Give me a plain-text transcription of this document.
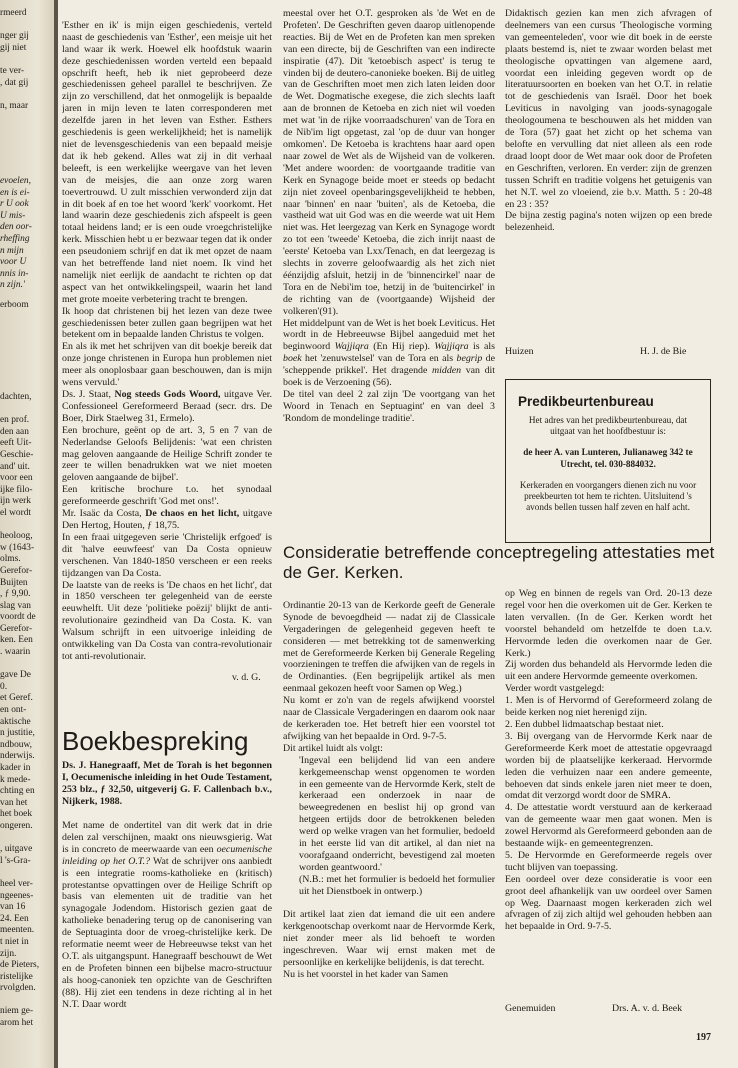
rmeerd

nger gij
gij niet

te ver-
, dat gij

n, maar
evoelen,
en is ei-
r U ook
U mis-
den oor-
rheffing
n mijn
voor U
nnis in-
n zijn.'
erboom
dachten,

en prof.
den aan
eeft Uit-
Geschie-
and' uit.
voor een
ijke filo-
ijn werk
el wordt

heoloog,
w (1643-
olms.
Gerefor-
Buijten
, ƒ 9,90.
slag van
voordt de
Gerefor-
ken. Een
. waarin

gave De
0.
et Geref.
en ont-
aktische
n justitie,
ndbouw,
nderwijs.
kader in
k mede-
chting en
van het
het boek
ongeren.

, uitgave
l 's-Gra-

heel ver-
ngeenes-
van 16
24. Een
meenten.
t niet in
zijn.
de Pieters,
ristelijke
rvolgden.

niem ge-
arom het

'Esther en ik' is mijn eigen geschiedenis, verteld naast de geschiedenis van 'Esther', een meisje uit het land waar ik werk. Hoewel elk hoofdstuk waarin deze geschiedenissen worden verteld een bepaald opschrift heeft, heb ik niet geprobeerd deze geschiedenissen geheel parallel te beschrijven. Ze zijn zo verschillend, dat het onmogelijk is bepaalde jaren in mijn leven te laten corresponderen met dezelfde jaren in het leven van Esther. Esthers geschiedenis is geen werkelijkheid; het is namelijk niet de levensgeschiedenis van een bepaald meisje dat ik heb gekend. Alles wat zij in dit verhaal beleeft, is een werkelijke weergave van het leven van de meisjes, die aan onze zorg waren toevertrouwd. U zult misschien verwonderd zijn dat in dit boek af en toe het woord 'kerk' voorkomt. Het land waarin deze geschiedenis zich afspeelt is geen totaal heidens land; er is een oude vroegchristelijke kerk. Misschien hebt u er bezwaar tegen dat ik onder een pseudoniem schrijf en dat ik met opzet de naam van het betreffende land niet noem. Ik vind het namelijk niet eerlijk de aandacht te richten op dat aspect van het ontwikkelingspeil, waarin het land met grote moeite verbetering tracht te brengen.
Ik hoop dat christenen bij het lezen van deze twee geschiedenissen beter zullen gaan begrijpen wat het betekent om in bepaalde landen Christus te volgen.
En als ik met het schrijven van dit boekje bereik dat onze jonge christenen in Europa hun problemen niet meer als onoplosbaar gaan beschouwen, dan is mijn wens vervuld.'
Ds. J. Staat, Nog steeds Gods Woord, uitgave Ver. Confessioneel Gereformeerd Beraad (secr. drs. De Boer, Dirk Staelweg 31, Ermelo).
Een brochure, geënt op de art. 3, 5 en 7 van de Nederlandse Geloofs Belijdenis: 'wat een christen mag geloven aangaande de Heilige Schrift zonder te zeer te willen benadrukken wat we niet moeten geloven aangaande de bijbel'.
Een kritische brochure t.o. het synodaal gereformeerde geschrift 'God met ons!'.
Mr. Isaäc da Costa, De chaos en het licht, uitgave Den Hertog, Houten, ƒ 18,75.
In een fraai uitgegeven serie 'Christelijk erfgoed' is dit 'halve eeuwfeest' van Da Costa opnieuw verschenen. Van 1840-1850 verscheen er een reeks tijdzangen van Da Costa.
De laatste van de reeks is 'De chaos en het licht', dat in 1850 verscheen ter gelegenheid van de eerste eeuwhelft. Uit deze 'politieke poëzij' blijkt de anti-revolutionaire gezindheid van Da Costa. K. van Walsum schrijft in een uitvoerige inleiding de ontwikkeling van Da Costa van contra-revolutionair tot anti-revolutionair.

v. d. G.
Boekbespreking
Ds. J. Hanegraaff, Met de Torah is het begonnen I, Oecumenische inleiding in het Oude Testament, 253 blz., ƒ 32,50, uitgeverij G. F. Callenbach b.v., Nijkerk, 1988.
Met name de ondertitel van dit werk dat in drie delen zal verschijnen, maakt ons nieuwsgierig. Wat is in concreto de meerwaarde van een oecumenische inleiding op het O.T.? Wat de schrijver ons aanbiedt is een integratie rooms-katholieke en (kritisch) protestantse opvattingen over de Heilige Schrift op basis van elementen uit de traditie van het synagogale Jodendom. Historisch gezien gaat de katholieke benadering terug op de canonisering van de Septuaginta door de vroeg-christelijke kerk. De reformatie neemt weer de Hebreeuwse tekst van het O.T. als uitgangspunt. Hanegraaff beschouwt de Wet en de Profeten binnen een bijbelse macro-structuur als hoog-canoniek ten opzichte van de Geschriften (88). Hij ziet een tendens in deze richting al in het N.T. Daar wordt
meestal over het O.T. gesproken als 'de Wet en de Profeten'. De Geschriften geven daarop uitlenopende reacties. Bij de Wet en de Profeten kan men spreken van een directe, bij de Geschriften van een indirecte inspiratie (47). Dit 'ketoebisch aspect' is terug te vinden bij de deutero-canonieke boeken. Bij de uitleg van de Geschriften moet men zich laten leiden door de Wet. Dogmatische exegese, die zich slechts laaft aan de bronnen de Ketoeba en zich niet wil voeden met wat 'in de rijke voorraadschuren' van de Tora en de Nib'im ligt opgetast, zal 'op de duur van honger omkomen'. De Ketoeba is krachtens haar aard open naar zowel de Wet als de Wijsheid van de volkeren. 'Met andere woorden: de voortgaande traditie van Kerk en Synagoge beide moet er steeds op bedacht zijn niet zoveel openbaringsgevelijkheid te hebben, naar 'binnen' en naar 'buiten', als de Ketoeba, die vastheid wat uit God was en die weerde wat uit Hem niet was. Het leergezag van Kerk en Synagoge wordt zo tot een 'tweede' Ketoeba, die zich inrijt naast de 'eerste' Ketoeba van Lxx/Tenach, en dat leergezag is slechts in zoverre geloofwaardig als het zich niet éénzijdig afsluit, hetzij in de 'binnencirkel' naar de Tora en de Nebi'im toe, hetzij in de 'buitencirkel' in de richting van de (voortgaande) Wijsheid der volkeren'(91).
Het middelpunt van de Wet is het boek Leviticus. Het wordt in de Hebreeuwse Bijbel aangeduid met het beginwoord Wajjiqra (En Hij riep). Wajjiqra is als boek het 'zenuwstelsel' van de Tora en als begrip de 'scheppende prikkel'. Het dragende midden van dit boek is de Verzoening (56).
De titel van deel 2 zal zijn 'De voortgang van het Woord in Tenach en Septuagint' en van deel 3 'Rondom de mondelinge traditie'.
Didaktisch gezien kan men zich afvragen of deelnemers van een cursus 'Theologische vorming van gemeenteleden', voor wie dit boek in de eerste plaats bestemd is, niet te zwaar worden belast met theologische opvattingen van algemene aard, voordat een inleiding gegeven wordt op de literatuursoorten en boeken van het O.T. in relatie tot de geschiedenis van Israël. Door het boek Leviticus in navolging van joods-synagogale theologoumena te beschouwen als het midden van de Tora (57) gaat het zicht op het schema van belofte en vervulling dat niet alleen als een rode draad loopt door de Wet maar ook door de Profeten en Geschriften, verloren. En verder: zijn de grenzen tussen Schrift en traditie volgens het getuigenis van het N.T. wel zo vloeiend, zie b.v. Matth. 5 : 20-48 en 23 : 35?
De bijna zestig pagina's noten wijzen op een brede belezenheid.
Huizen	H. J. de Bie
Predikbeurtenbureau
Het adres van het predikbeurtenbureau, dat uitgaat van het hoofdbestuur is:
de heer A. van Lunteren, Julianaweg 342 te Utrecht, tel. 030-884032.
Kerkeraden en voorgangers dienen zich nu voor preekbeurten tot hem te richten. Uitsluitend 's avonds bellen tussen half zeven en half acht.
Consideratie betreffende conceptregeling attestaties met de Ger. Kerken.

Ordinantie 20-13 van de Kerkorde geeft de Generale Synode de bevoegdheid — nadat zij de Classicale Vergaderingen de gelegenheid gegeven heeft te consideren — met betrekking tot de samenwerking met de Gereformeerde Kerken bij Generale Regeling voorzieningen te treffen die afwijken van de regels in de Ordinanties. (Een begrijpelijk artikel als men eenmaal gekozen heeft voor Samen op Weg.)
Nu komt er zo'n van de regels afwijkend voorstel naar de Classicale Vergaderingen en daarom ook naar de kerkeraden toe. Het betreft hier een voorstel tot afwijking van het bepaalde in Ord. 9-7-5.
Dit artikel luidt als volgt:

'Ingeval een belijdend lid van een andere kerkgemeenschap wenst opgenomen te worden in een gemeente van de Hervormde Kerk, stelt de kerkeraad een onderzoek in naar de beweegredenen en beslist hij op grond van hetgeen ertijds door de betrokkenen beleden werd op welke vragen van het formulier, bedoeld in het eerste lid van dit artikel, al dan niet na voorafgaand onderricht, bevestigend zal moeten worden geantwoord.'
(N.B.: met het formulier is bedoeld het formulier uit het Dienstboek in ontwerp.)

Dit artikel laat zien dat iemand die uit een andere kerkgenootschap overkomt naar de Hervormde Kerk, niet zonder meer als lid behoeft te worden ingeschreven. Waar wij ernst maken met de persoonlijke en kerkelijke belijdenis, is dat terecht.
Nu is het voorstel in het kader van Samen

op Weg en binnen de regels van Ord. 20-13 deze regel voor hen die overkomen uit de Ger. Kerken te laten vervallen. (In de Ger. Kerken wordt het voorstel behandeld om hetzelfde te doen t.a.v. Hervormde leden die overkomen naar de Ger. Kerk.)
Zij worden dus behandeld als Hervormde leden die uit een andere Hervormde gemeente overkomen.
Verder wordt vastgelegd:
1. Men is of Hervormd of Gereformeerd zolang de beide kerken nog niet herenigd zijn.
2. Een dubbel lidmaatschap bestaat niet.
3. Bij overgang van de Hervormde Kerk naar de Gereformeerde Kerk moet de attestatie opgevraagd worden bij de plaatselijke kerkeraad. Hervormde leden die verhuizen naar een andere gemeente, behoeven dat sinds enkele jaren niet meer te doen, omdat dit verzorgd wordt door de SMRA.
4. De attestatie wordt verstuurd aan de kerkeraad van de gemeente waar men gaat wonen. Men is zowel Hervormd als Gereformeerd gebonden aan de bestaande wijk- en gemeentegrenzen.
5. De Hervormde en Gereformeerde regels over tucht blijven van toepassing.
Een oordeel over deze consideratie is voor een groot deel afhankelijk van uw oordeel over Samen op Weg. Daarnaast mogen kerkeraden zich wel afvragen of zij zich altijd wel gehouden hebben aan het bepaalde in Ord. 9-7-5.
Genemuiden	Drs. A. v. d. Beek
197
